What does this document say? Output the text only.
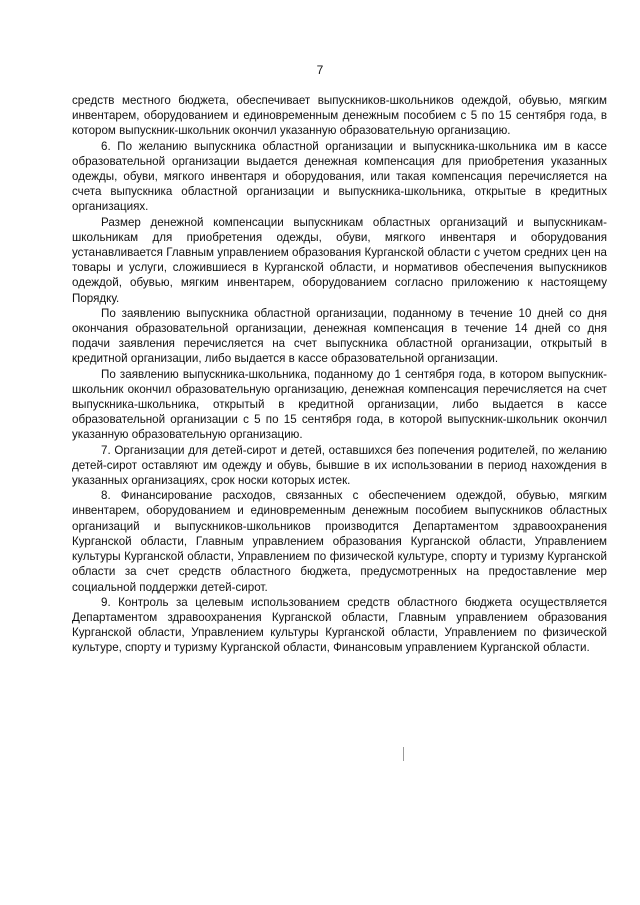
7

средств местного бюджета, обеспечивает выпускников-школьников одеждой, обувью, мягким инвентарем, оборудованием и единовременным денежным пособием с 5 по 15 сентября года, в котором выпускник-школьник окончил указанную образовательную организацию.

6. По желанию выпускника областной организации и выпускника-школьника им в кассе образовательной организации выдается денежная компенсация для приобретения указанных одежды, обуви, мягкого инвентаря и оборудования, или такая компенсация перечисляется на счета выпускника областной организации и выпускника-школьника, открытые в кредитных организациях.

Размер денежной компенсации выпускникам областных организаций и выпускникам-школьникам для приобретения одежды, обуви, мягкого инвентаря и оборудования устанавливается Главным управлением образования Курганской области с учетом средних цен на товары и услуги, сложившиеся в Курганской области, и нормативов обеспечения выпускников одеждой, обувью, мягким инвентарем, оборудованием согласно приложению к настоящему Порядку.

По заявлению выпускника областной организации, поданному в течение 10 дней со дня окончания образовательной организации, денежная компенсация в течение 14 дней со дня подачи заявления перечисляется на счет выпускника областной организации, открытый в кредитной организации, либо выдается в кассе образовательной организации.

По заявлению выпускника-школьника, поданному до 1 сентября года, в котором выпускник-школьник окончил образовательную организацию, денежная компенсация перечисляется на счет выпускника-школьника, открытый в кредитной организации, либо выдается в кассе образовательной организации с 5 по 15 сентября года, в которой выпускник-школьник окончил указанную образовательную организацию.

7. Организации для детей-сирот и детей, оставшихся без попечения родителей, по желанию детей-сирот оставляют им одежду и обувь, бывшие в их использовании в период нахождения в указанных организациях, срок носки которых истек.

8. Финансирование расходов, связанных с обеспечением одеждой, обувью, мягким инвентарем, оборудованием и единовременным денежным пособием выпускников областных организаций и выпускников-школьников производится Департаментом здравоохранения Курганской области, Главным управлением образования Курганской области, Управлением культуры Курганской области, Управлением по физической культуре, спорту и туризму Курганской области за счет средств областного бюджета, предусмотренных на предоставление мер социальной поддержки детей-сирот.

9. Контроль за целевым использованием средств областного бюджета осуществляется Департаментом здравоохранения Курганской области, Главным управлением образования Курганской области, Управлением культуры Курганской области, Управлением по физической культуре, спорту и туризму Курганской области, Финансовым управлением Курганской области.
